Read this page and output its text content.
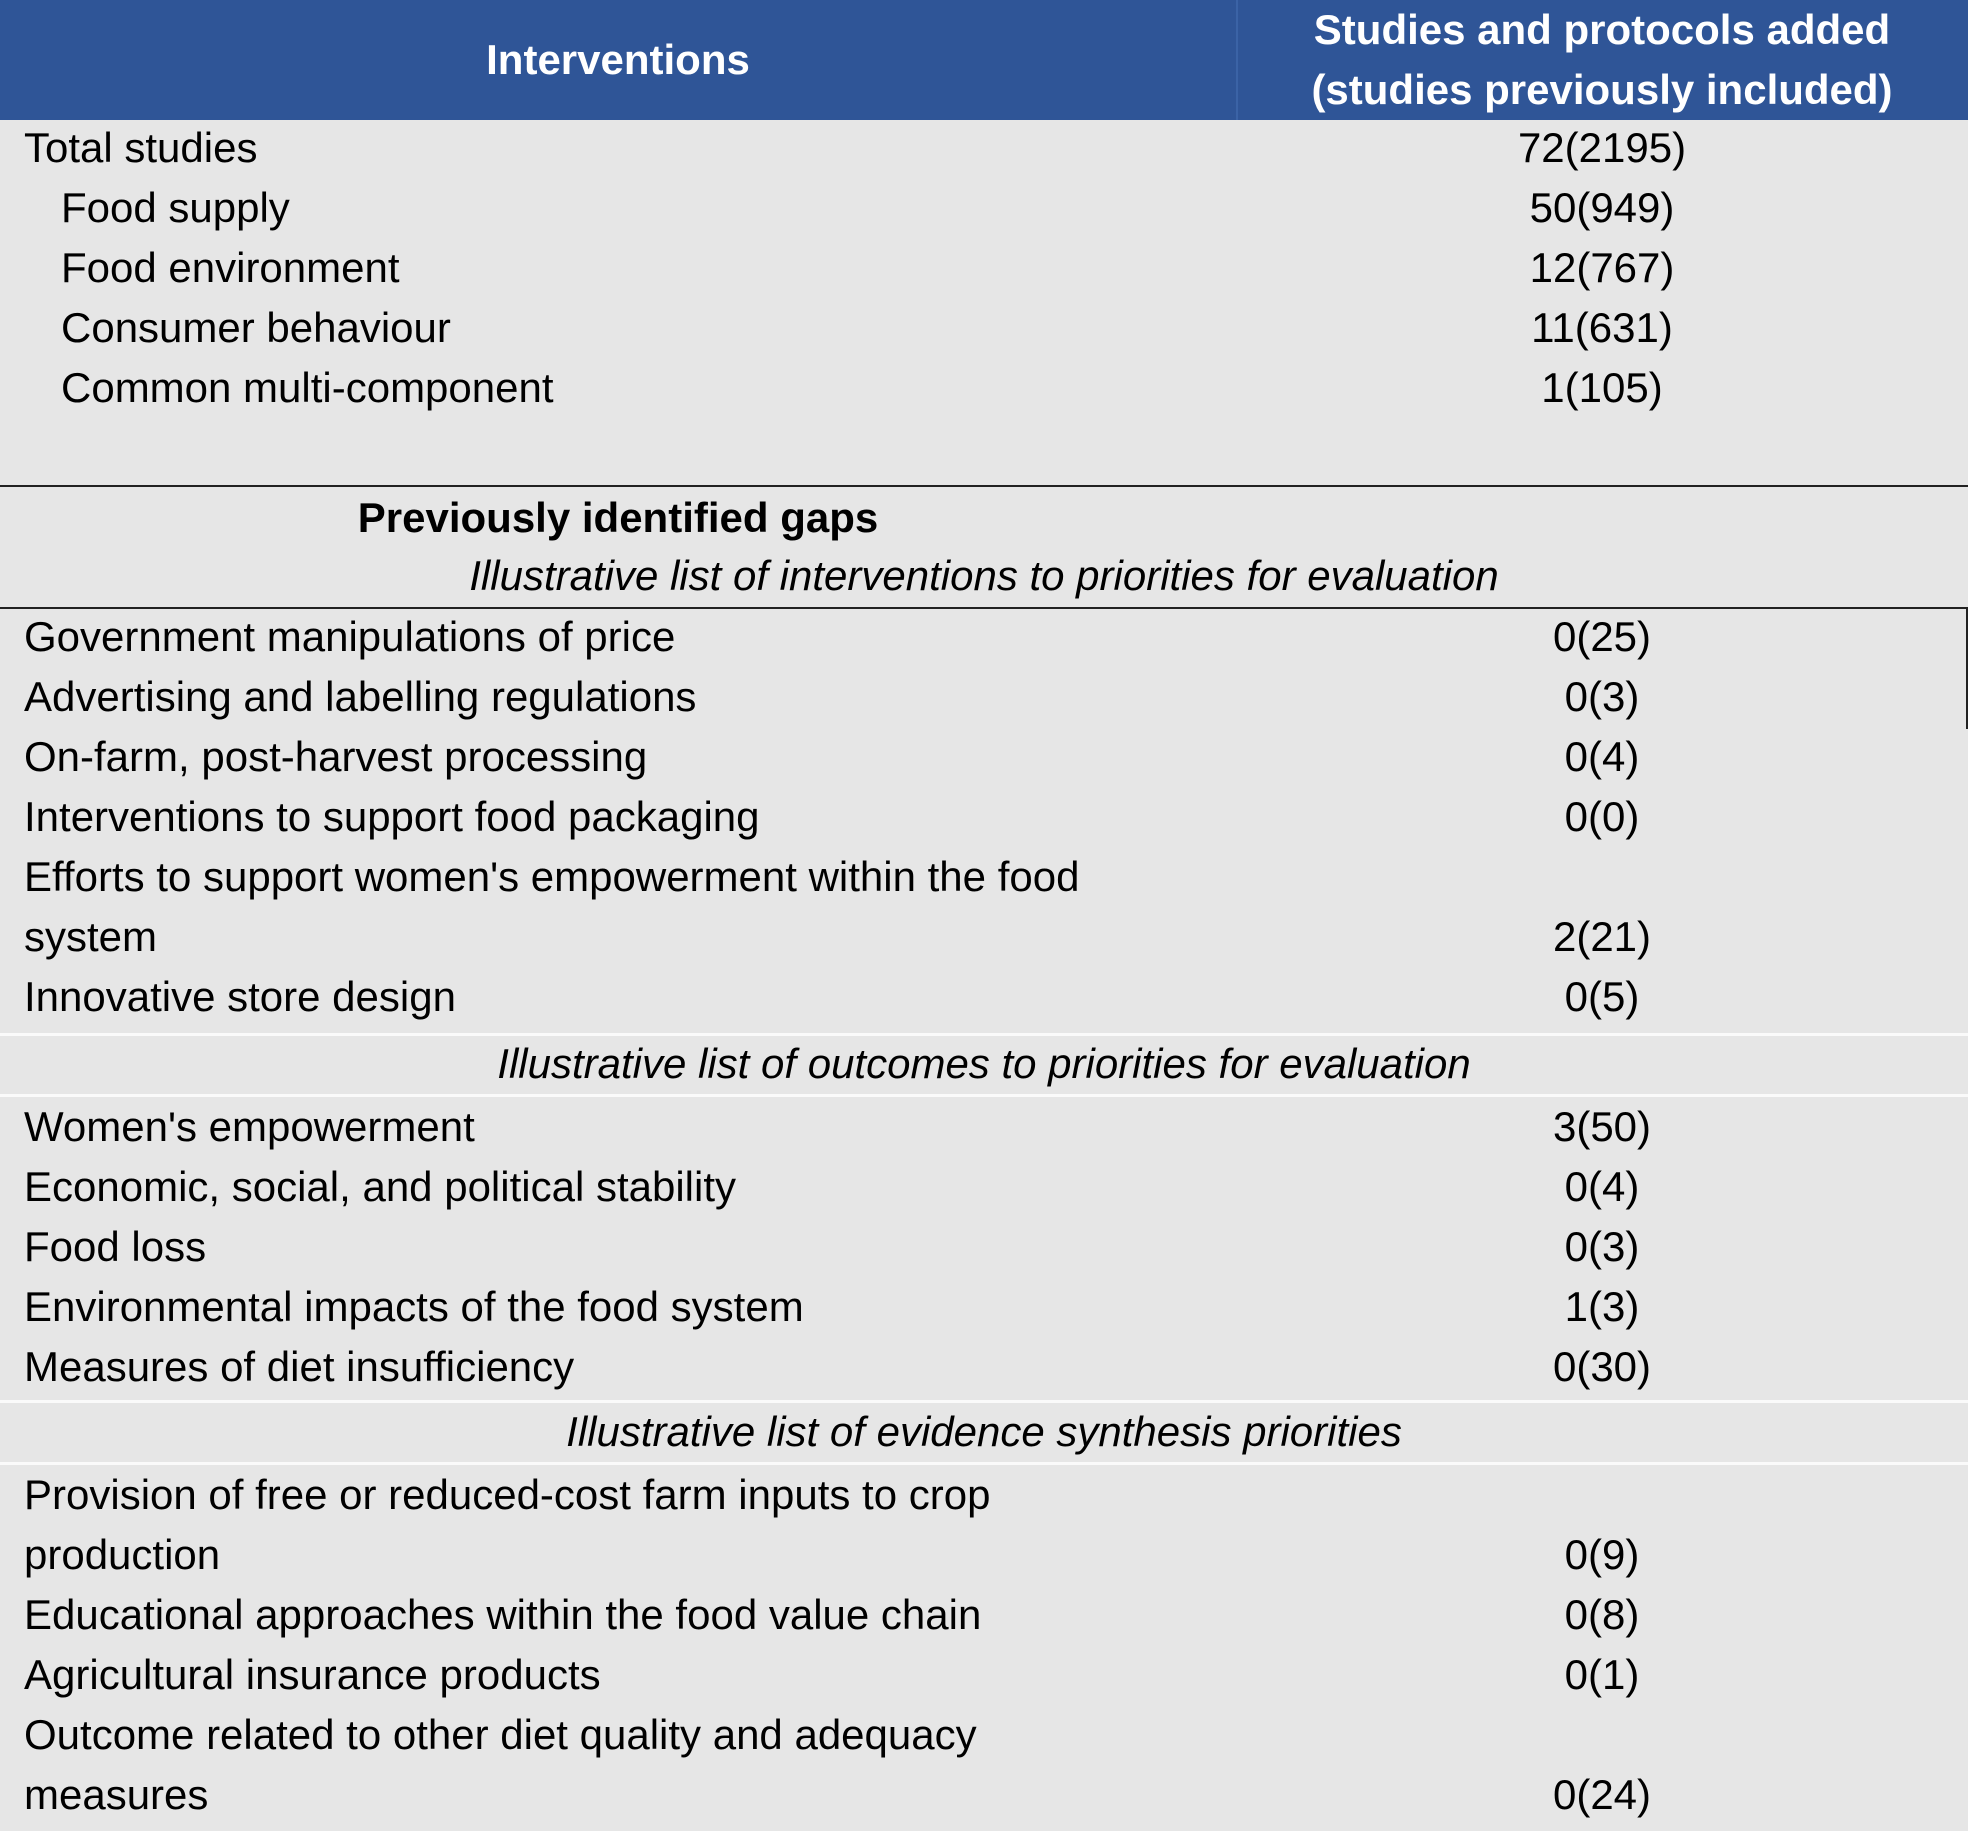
Interventions
Studies and protocols added
(studies previously included)
Total studies	72(2195)
Food supply	50(949)
Food environment	12(767)
Consumer behaviour	11(631)
Common multi-component	1(105)
Previously identified gaps
Illustrative list of interventions to priorities for evaluation
Government manipulations of price	0(25)
Advertising and labelling regulations	0(3)
On-farm, post-harvest processing	0(4)
Interventions to support food packaging	0(0)
Efforts to support women's empowerment within the food
system	2(21)
Innovative store design	0(5)
Illustrative list of outcomes to priorities for evaluation
Women's empowerment	3(50)
Economic, social, and political stability	0(4)
Food loss	0(3)
Environmental impacts of the food system	1(3)
Measures of diet insufficiency	0(30)
Illustrative list of evidence synthesis priorities
Provision of free or reduced-cost farm inputs to crop
production	0(9)
Educational approaches within the food value chain	0(8)
Agricultural insurance products	0(1)
Outcome related to other diet quality and adequacy
measures	0(24)
